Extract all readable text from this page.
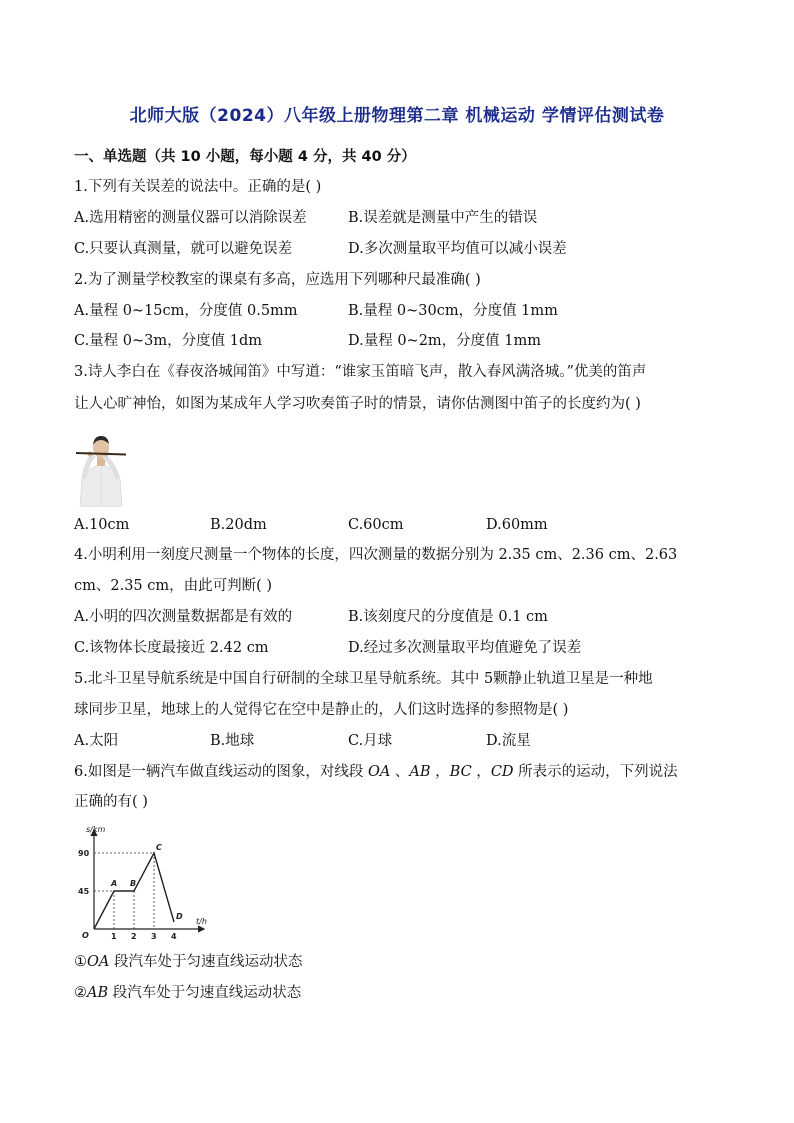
北师大版（2024）八年级上册物理第二章 机械运动 学情评估测试卷
一、单选题（共 10 小题，每小题 4 分，共 40 分）
1.下列有关误差的说法中。正确的是( )
A.选用精密的测量仪器可以消除误差	B.误差就是测量中产生的错误
C.只要认真测量，就可以避免误差	D.多次测量取平均值可以减小误差
2.为了测量学校教室的课桌有多高，应选用下列哪种尺最准确( )
A.量程 0~15cm，分度值 0.5mm	B.量程 0~30cm，分度值 1mm
C.量程 0~3m，分度值 1dm	D.量程 0~2m，分度值 1mm
3.诗人李白在《春夜洛城闻笛》中写道：“谁家玉笛暗飞声，散入春风满洛城。”优美的笛声
让人心旷神怡，如图为某成年人学习吹奏笛子时的情景，请你估测图中笛子的长度约为( )
A.10cm	B.20dm	C.60cm	D.60mm
4.小明利用一刻度尺测量一个物体的长度，四次测量的数据分别为 2.35 cm、2.36 cm、2.63
cm、2.35 cm，由此可判断( )
A.小明的四次测量数据都是有效的	B.该刻度尺的分度值是 0.1 cm
C.该物体长度最接近 2.42 cm	D.经过多次测量取平均值避免了误差
5.北斗卫星导航系统是中国自行研制的全球卫星导航系统。其中 5颗静止轨道卫星是一种地
球同步卫星，地球上的人觉得它在空中是静止的，人们这时选择的参照物是( )
A.太阳	B.地球	C.月球	D.流星
6.如图是一辆汽车做直线运动的图象，对线段 OA 、AB ，BC ，CD 所表示的运动，下列说法
正确的有( )
s/km
t/h
O
90
45
1 2 3 4
A B
C
D
①OA 段汽车处于匀速直线运动状态
②AB 段汽车处于匀速直线运动状态
